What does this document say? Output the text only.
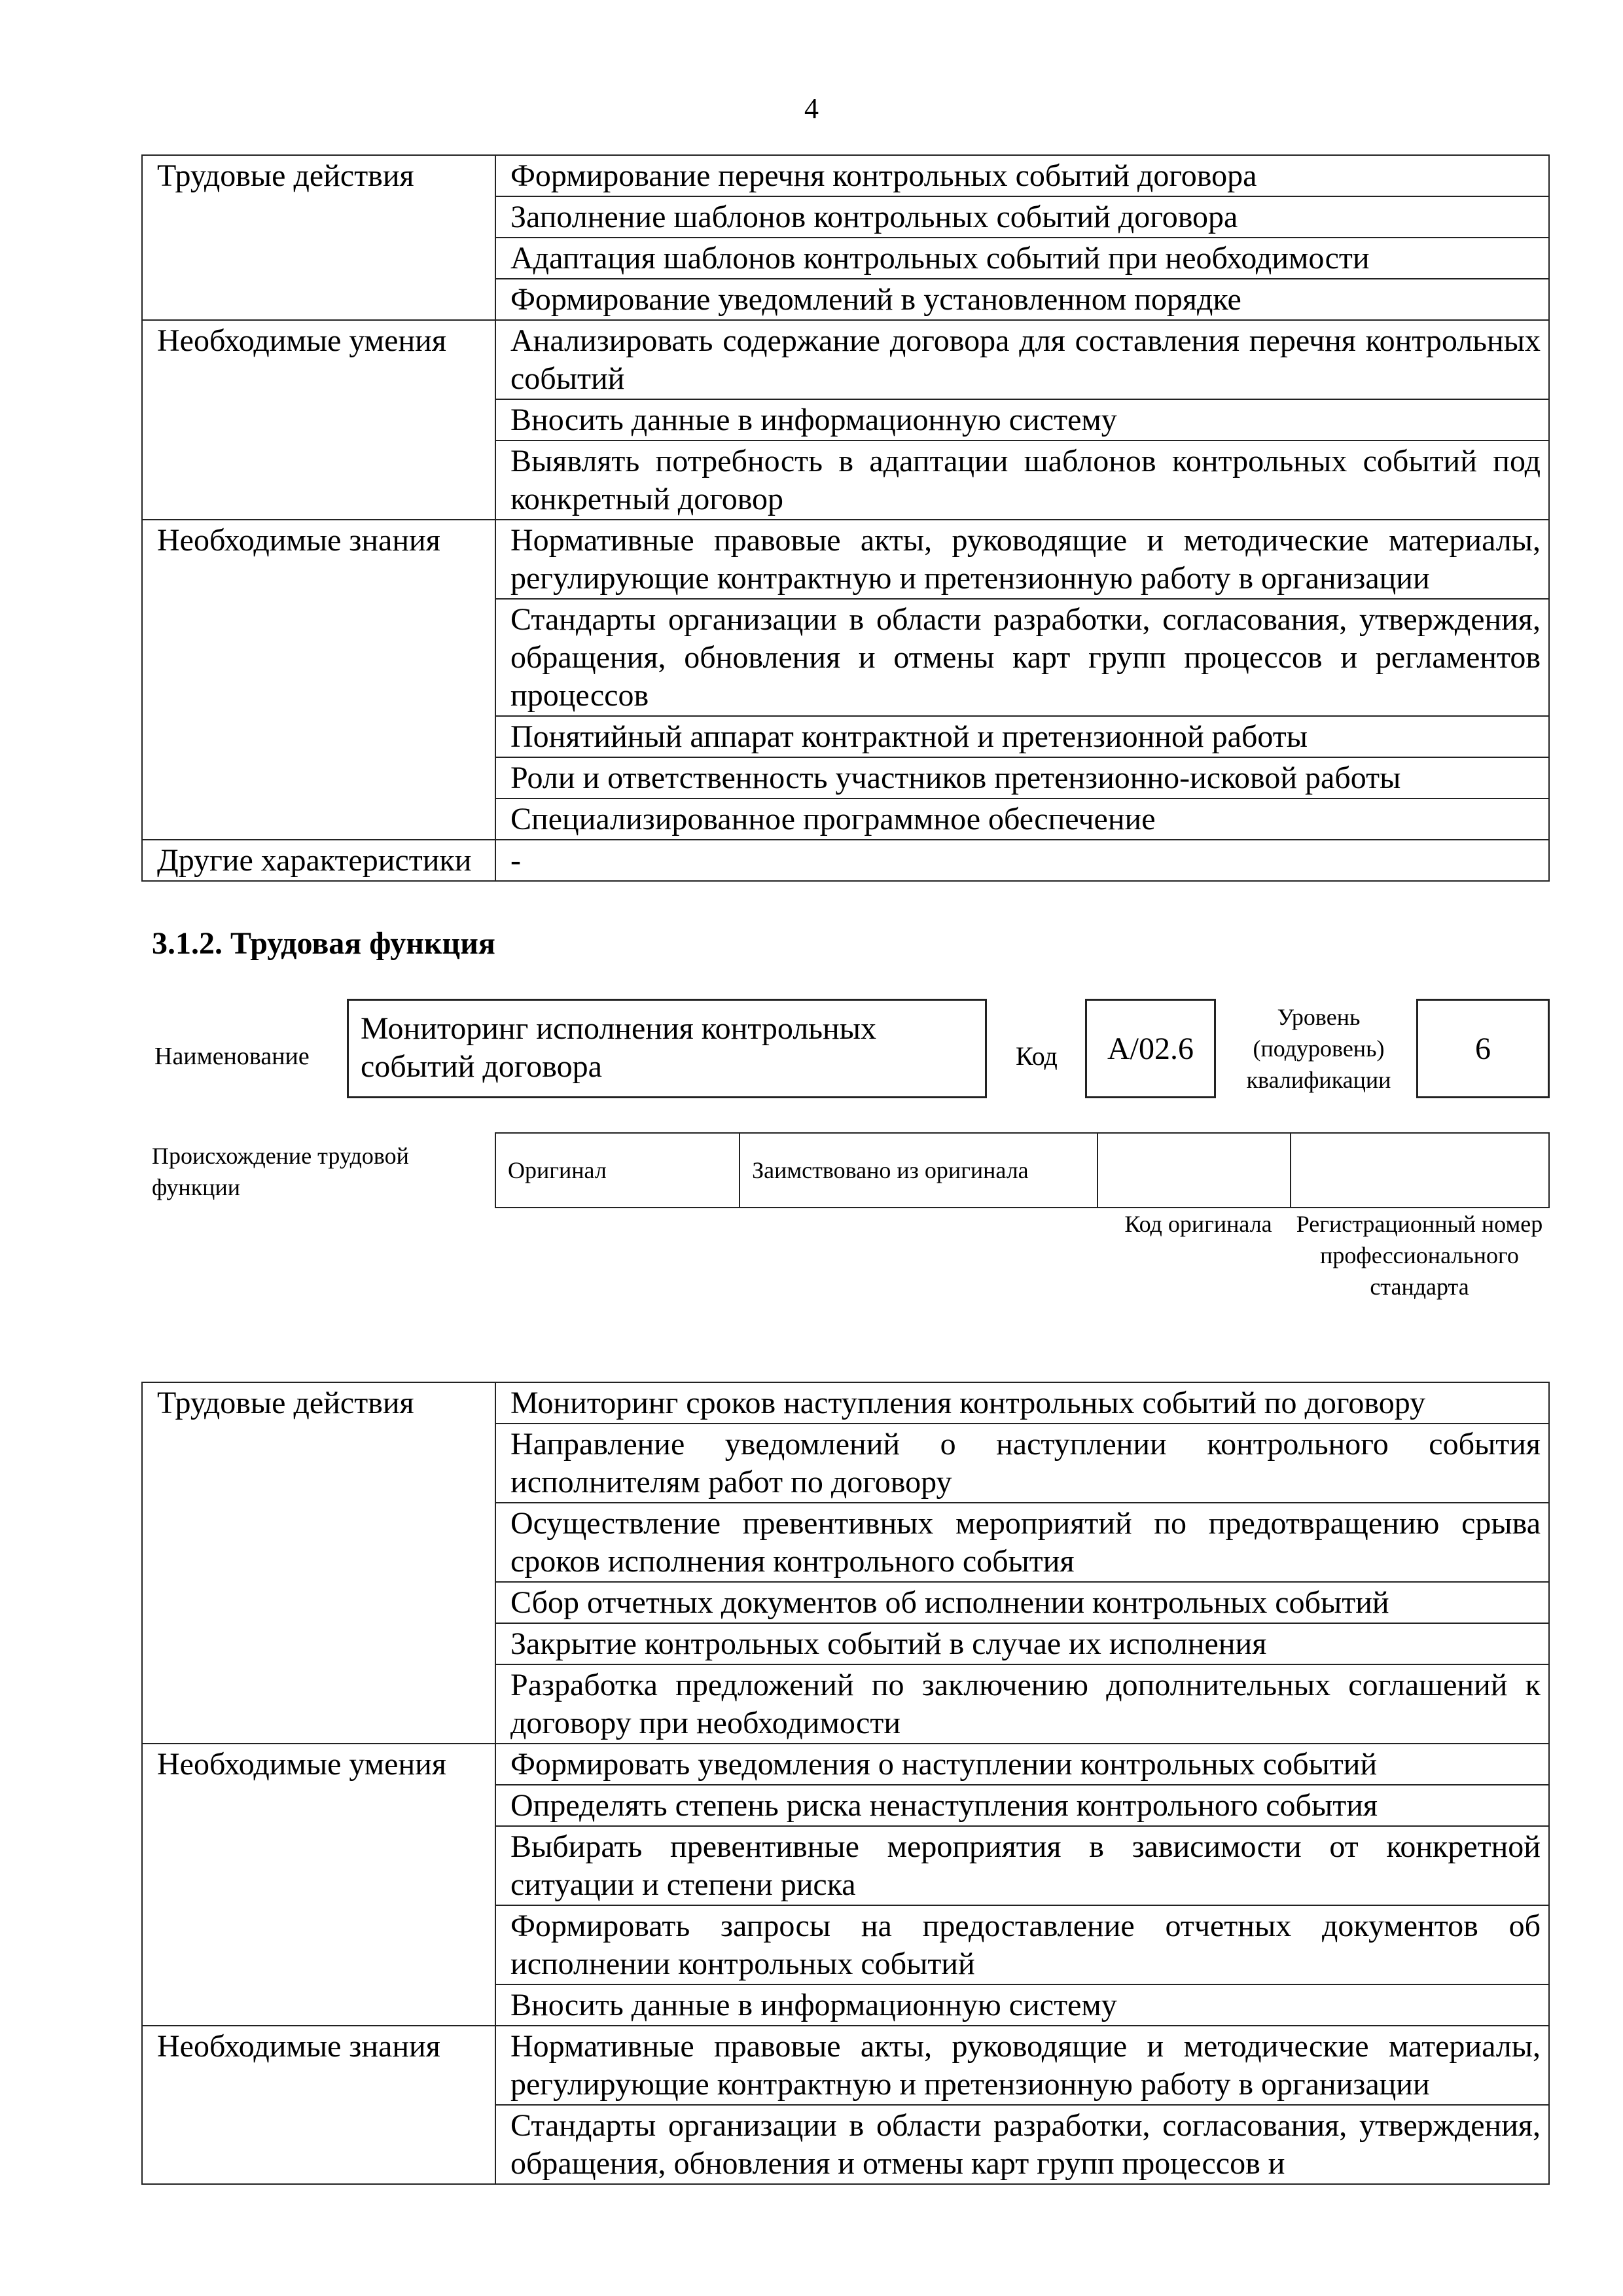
4
Трудовые действия	Формирование перечня контрольных событий договора
	Заполнение шаблонов контрольных событий договора
	Адаптация шаблонов контрольных событий при необходимости
	Формирование уведомлений в установленном порядке
Необходимые умения	Анализировать содержание договора для составления перечня контрольных событий
	Вносить данные в информационную систему
	Выявлять потребность в адаптации шаблонов контрольных событий под конкретный договор
Необходимые знания	Нормативные правовые акты, руководящие и методические материалы, регулирующие контрактную и претензионную работу в организации
	Стандарты организации в области разработки, согласования, утверждения, обращения, обновления и отмены карт групп процессов и регламентов процессов
	Понятийный аппарат контрактной и претензионной работы
	Роли и ответственность участников претензионно-исковой работы
	Специализированное программное обеспечение
Другие характеристики	-
3.1.2. Трудовая функция
Наименование
Мониторинг исполнения контрольных событий договора	Код	A/02.6
Уровень (подуровень) квалификации
6
Происхождение трудовой функции
Оригинал	Заимствовано из оригинала
Код оригинала	Регистрационный номер профессионального стандарта
Трудовые действия	Мониторинг сроков наступления контрольных событий по договору
	Направление уведомлений о наступлении контрольного события исполнителям работ по договору
	Осуществление превентивных мероприятий по предотвращению срыва сроков исполнения контрольного события
	Сбор отчетных документов об исполнении контрольных событий
	Закрытие контрольных событий в случае их исполнения
	Разработка предложений по заключению дополнительных соглашений к договору при необходимости
Необходимые умения	Формировать уведомления о наступлении контрольных событий
	Определять степень риска ненаступления контрольного события
	Выбирать превентивные мероприятия в зависимости от конкретной ситуации и степени риска
	Формировать запросы на предоставление отчетных документов об исполнении контрольных событий
	Вносить данные в информационную систему
Необходимые знания	Нормативные правовые акты, руководящие и методические материалы, регулирующие контрактную и претензионную работу в организации
	Стандарты организации в области разработки, согласования, утверждения, обращения, обновления и отмены карт групп процессов и
